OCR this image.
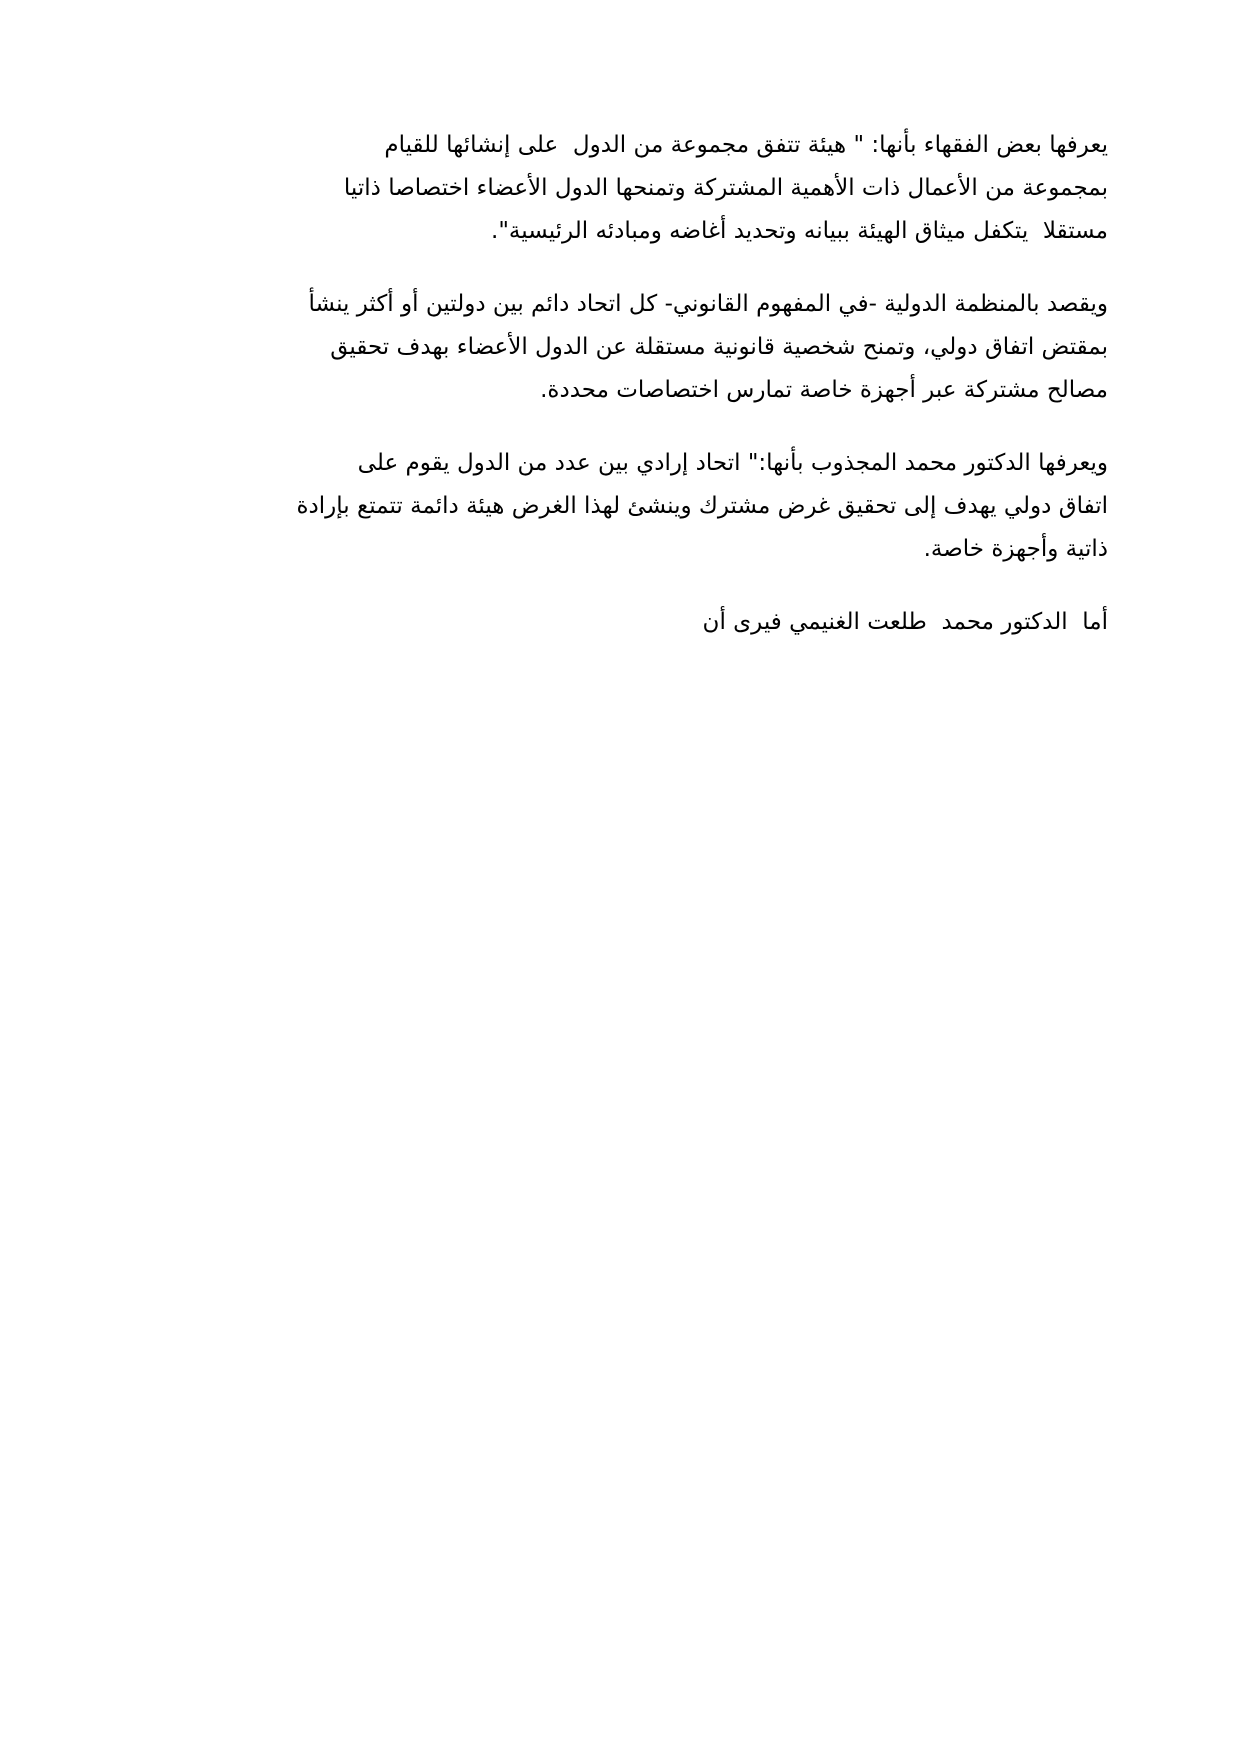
يعرفها بعض الفقهاء بأنها: " هيئة تتفق مجموعة من الدول  على إنشائها للقيام
بمجموعة من الأعمال ذات الأهمية المشتركة وتمنحها الدول الأعضاء اختصاصا ذاتيا
مستقلا  يتكفل ميثاق الهيئة ببيانه وتحديد أغاضه ومبادئه الرئيسية".
ويقصد بالمنظمة الدولية -في المفهوم القانوني- كل اتحاد دائم بين دولتين أو أكثر ينشأ
بمقتض اتفاق دولي، وتمنح شخصية قانونية مستقلة عن الدول الأعضاء بهدف تحقيق
مصالح مشتركة عبر أجهزة خاصة تمارس اختصاصات محددة.
ويعرفها الدكتور محمد المجذوب بأنها:" اتحاد إرادي بين عدد من الدول يقوم على
اتفاق دولي يهدف إلى تحقيق غرض مشترك وينشئ لهذا الغرض هيئة دائمة تتمتع بإرادة
ذاتية وأجهزة خاصة.
أما  الدكتور محمد  طلعت الغنيمي فيرى أن
